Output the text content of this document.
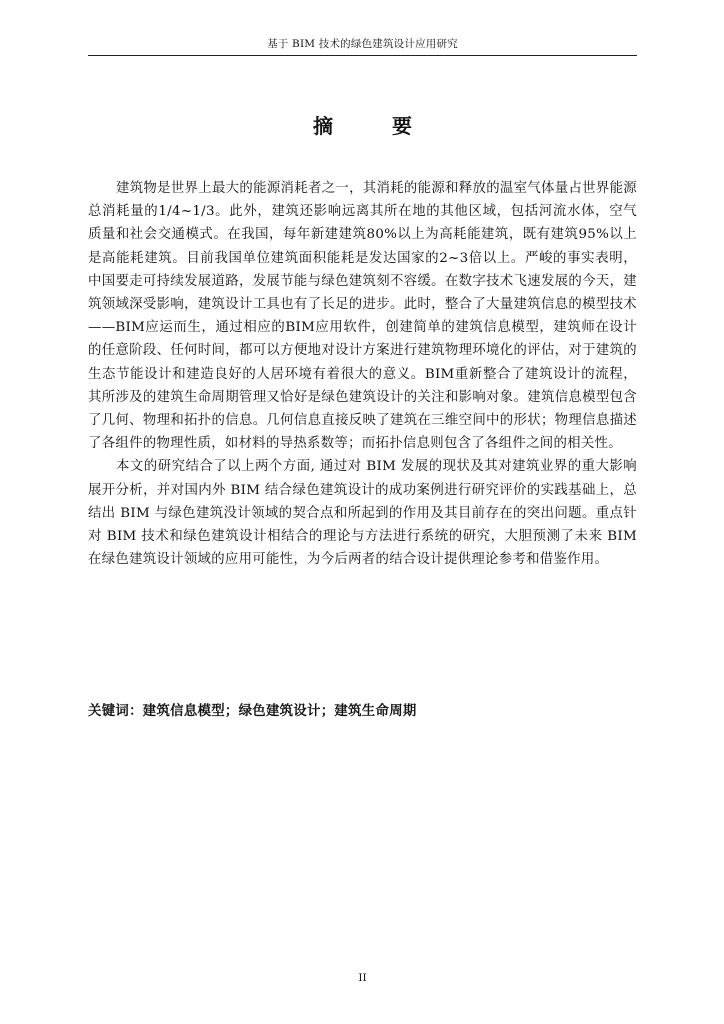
基于 BIM 技术的绿色建筑设计应用研究
摘 要

建筑物是世界上最大的能源消耗者之一，其消耗的能源和释放的温室气体量占世界能源总消耗量的1/4~1/3。此外，建筑还影响远离其所在地的其他区域，包括河流水体，空气质量和社会交通模式。在我国，每年新建建筑80%以上为高耗能建筑，既有建筑95%以上是高能耗建筑。目前我国单位建筑面积能耗是发达国家的2~3倍以上。严峻的事实表明，中国要走可持续发展道路，发展节能与绿色建筑刻不容缓。在数字技术飞速发展的今天，建筑领域深受影响，建筑设计工具也有了长足的进步。此时，整合了大量建筑信息的模型技术——BIM应运而生，通过相应的BIM应用软件，创建简单的建筑信息模型，建筑师在设计的任意阶段、任何时间，都可以方便地对设计方案进行建筑物理环境化的评估，对于建筑的生态节能设计和建造良好的人居环境有着很大的意义。BIM重新整合了建筑设计的流程，其所涉及的建筑生命周期管理又恰好是绿色建筑设计的关注和影响对象。建筑信息模型包含了几何、物理和拓扑的信息。几何信息直接反映了建筑在三维空间中的形状；物理信息描述了各组件的物理性质，如材料的导热系数等；而拓扑信息则包含了各组件之间的相关性。

本文的研究结合了以上两个方面, 通过对 BIM 发展的现状及其对建筑业界的重大影响展开分析，并对国内外 BIM 结合绿色建筑设计的成功案例进行研究评价的实践基础上，总结出 BIM 与绿色建筑没计领域的契合点和所起到的作用及其目前存在的突出问题。重点针对 BIM 技术和绿色建筑设计相结合的理论与方法进行系统的研究，大胆预测了未来 BIM 在绿色建筑设计领域的应用可能性，为今后两者的结合设计提供理论参考和借鉴作用。

关键词：建筑信息模型；绿色建筑设计；建筑生命周期
II
